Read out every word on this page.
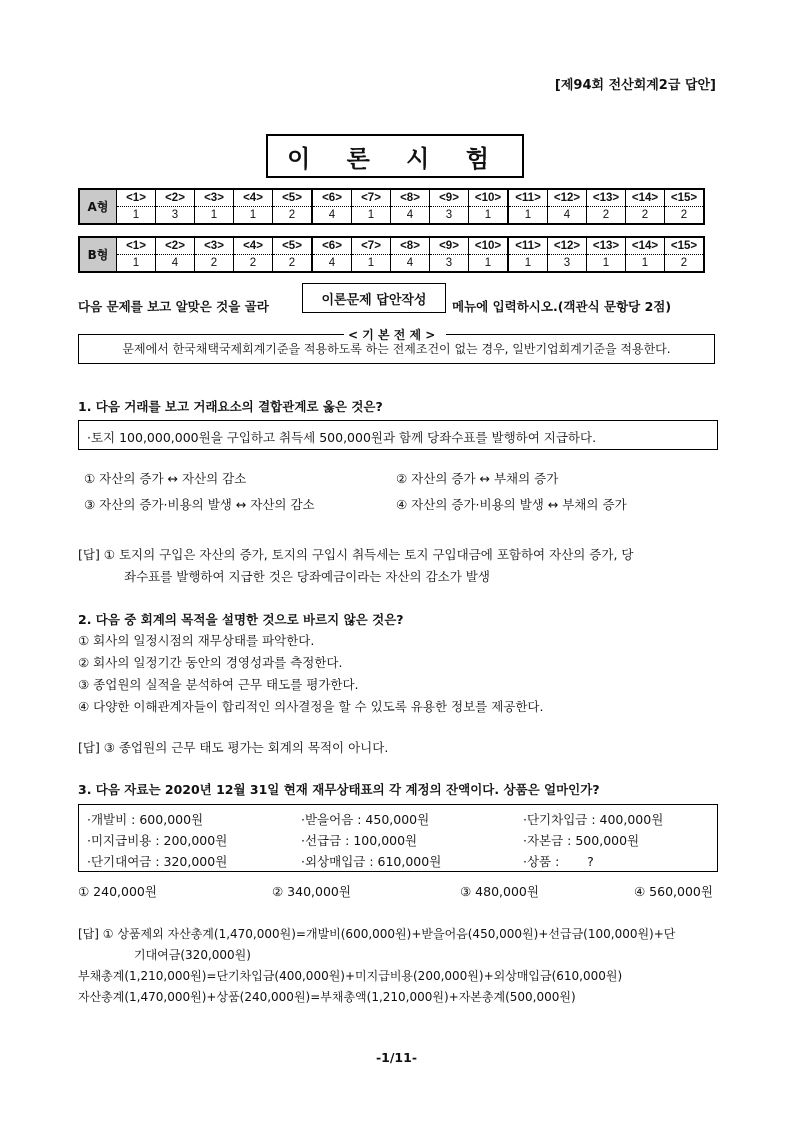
[제94회 전산회계2급 답안]
이 론 시 험
A형	<1>	<2>	<3>	<4>	<5>	<6>	<7>	<8>	<9>	<10>	<11>	<12>	<13>	<14>	<15>
	1	3	1	1	2	4	1	4	3	1	1	4	2	2	2
B형	<1>	<2>	<3>	<4>	<5>	<6>	<7>	<8>	<9>	<10>	<11>	<12>	<13>	<14>	<15>
	1	4	2	2	2	4	1	4	3	1	1	3	1	1	2
다음 문제를 보고 알맞은 것을 골라	이론문제 답안작성	메뉴에 입력하시오.(객관식 문항당 2점)
< 기 본 전 제 >
문제에서 한국채택국제회계기준을 적용하도록 하는 전제조건이 없는 경우, 일반기업회계기준을 적용한다.
1. 다음 거래를 보고 거래요소의 결합관계로 옳은 것은?
·토지 100,000,000원을 구입하고 취득세 500,000원과 함께 당좌수표를 발행하여 지급하다.
① 자산의 증가 ↔ 자산의 감소	② 자산의 증가 ↔ 부채의 증가
③ 자산의 증가·비용의 발생 ↔ 자산의 감소	④ 자산의 증가·비용의 발생 ↔ 부채의 증가
[답] ① 토지의 구입은 자산의 증가, 토지의 구입시 취득세는 토지 구입대금에 포함하여 자산의 증가, 당
좌수표를 발행하여 지급한 것은 당좌예금이라는 자산의 감소가 발생
2. 다음 중 회계의 목적을 설명한 것으로 바르지 않은 것은?
① 회사의 일정시점의 재무상태를 파악한다.
② 회사의 일정기간 동안의 경영성과를 측정한다.
③ 종업원의 실적을 분석하여 근무 태도를 평가한다.
④ 다양한 이해관계자들이 합리적인 의사결정을 할 수 있도록 유용한 정보를 제공한다.
[답] ③ 종업원의 근무 태도 평가는 회계의 목적이 아니다.
3. 다음 자료는 2020년 12월 31일 현재 재무상태표의 각 계정의 잔액이다. 상품은 얼마인가?
·개발비 : 600,000원	·받을어음 : 450,000원	·단기차입금 : 400,000원
·미지급비용 : 200,000원	·선급금 : 100,000원	·자본금 : 500,000원
·단기대여금 : 320,000원	·외상매입금 : 610,000원	·상품 :       ?
① 240,000원	② 340,000원	③ 480,000원	④ 560,000원
[답] ① 상품제외 자산총계(1,470,000원)=개발비(600,000원)+받을어음(450,000원)+선급금(100,000원)+단
기대여금(320,000원)
부채총계(1,210,000원)=단기차입금(400,000원)+미지급비용(200,000원)+외상매입금(610,000원)
자산총계(1,470,000원)+상품(240,000원)=부채총액(1,210,000원)+자본총계(500,000원)
-1/11-
